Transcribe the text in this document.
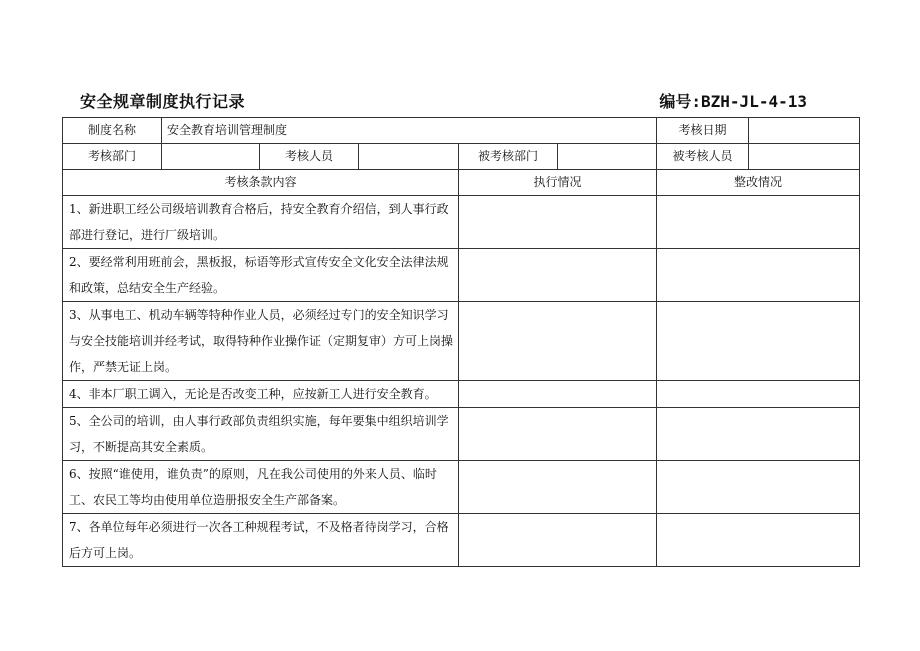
安全规章制度执行记录	编号:BZH-JL-4-13
制度名称	安全教育培训管理制度					考核日期	
考核部门		考核人员		被考核部门		被考核人员	
考核条款内容				执行情况		整改情况	
1、新进职工经公司级培训教育合格后，持安全教育介绍信，到人事行政部进行登记，进行厂级培训。							
2、要经常利用班前会，黑板报，标语等形式宣传安全文化安全法律法规和政策，总结安全生产经验。							
3、从事电工、机动车辆等特种作业人员，必须经过专门的安全知识学习与安全技能培训并经考试，取得特种作业操作证（定期复审）方可上岗操作，严禁无证上岗。							
4、非本厂职工调入，无论是否改变工种，应按新工人进行安全教育。							
5、全公司的培训，由人事行政部负责组织实施，每年要集中组织培训学习，不断提高其安全素质。							
6、按照“谁使用，谁负责”的原则，凡在我公司使用的外来人员、临时工、农民工等均由使用单位造册报安全生产部备案。							
7、各单位每年必须进行一次各工种规程考试，不及格者待岗学习，合格后方可上岗。							
